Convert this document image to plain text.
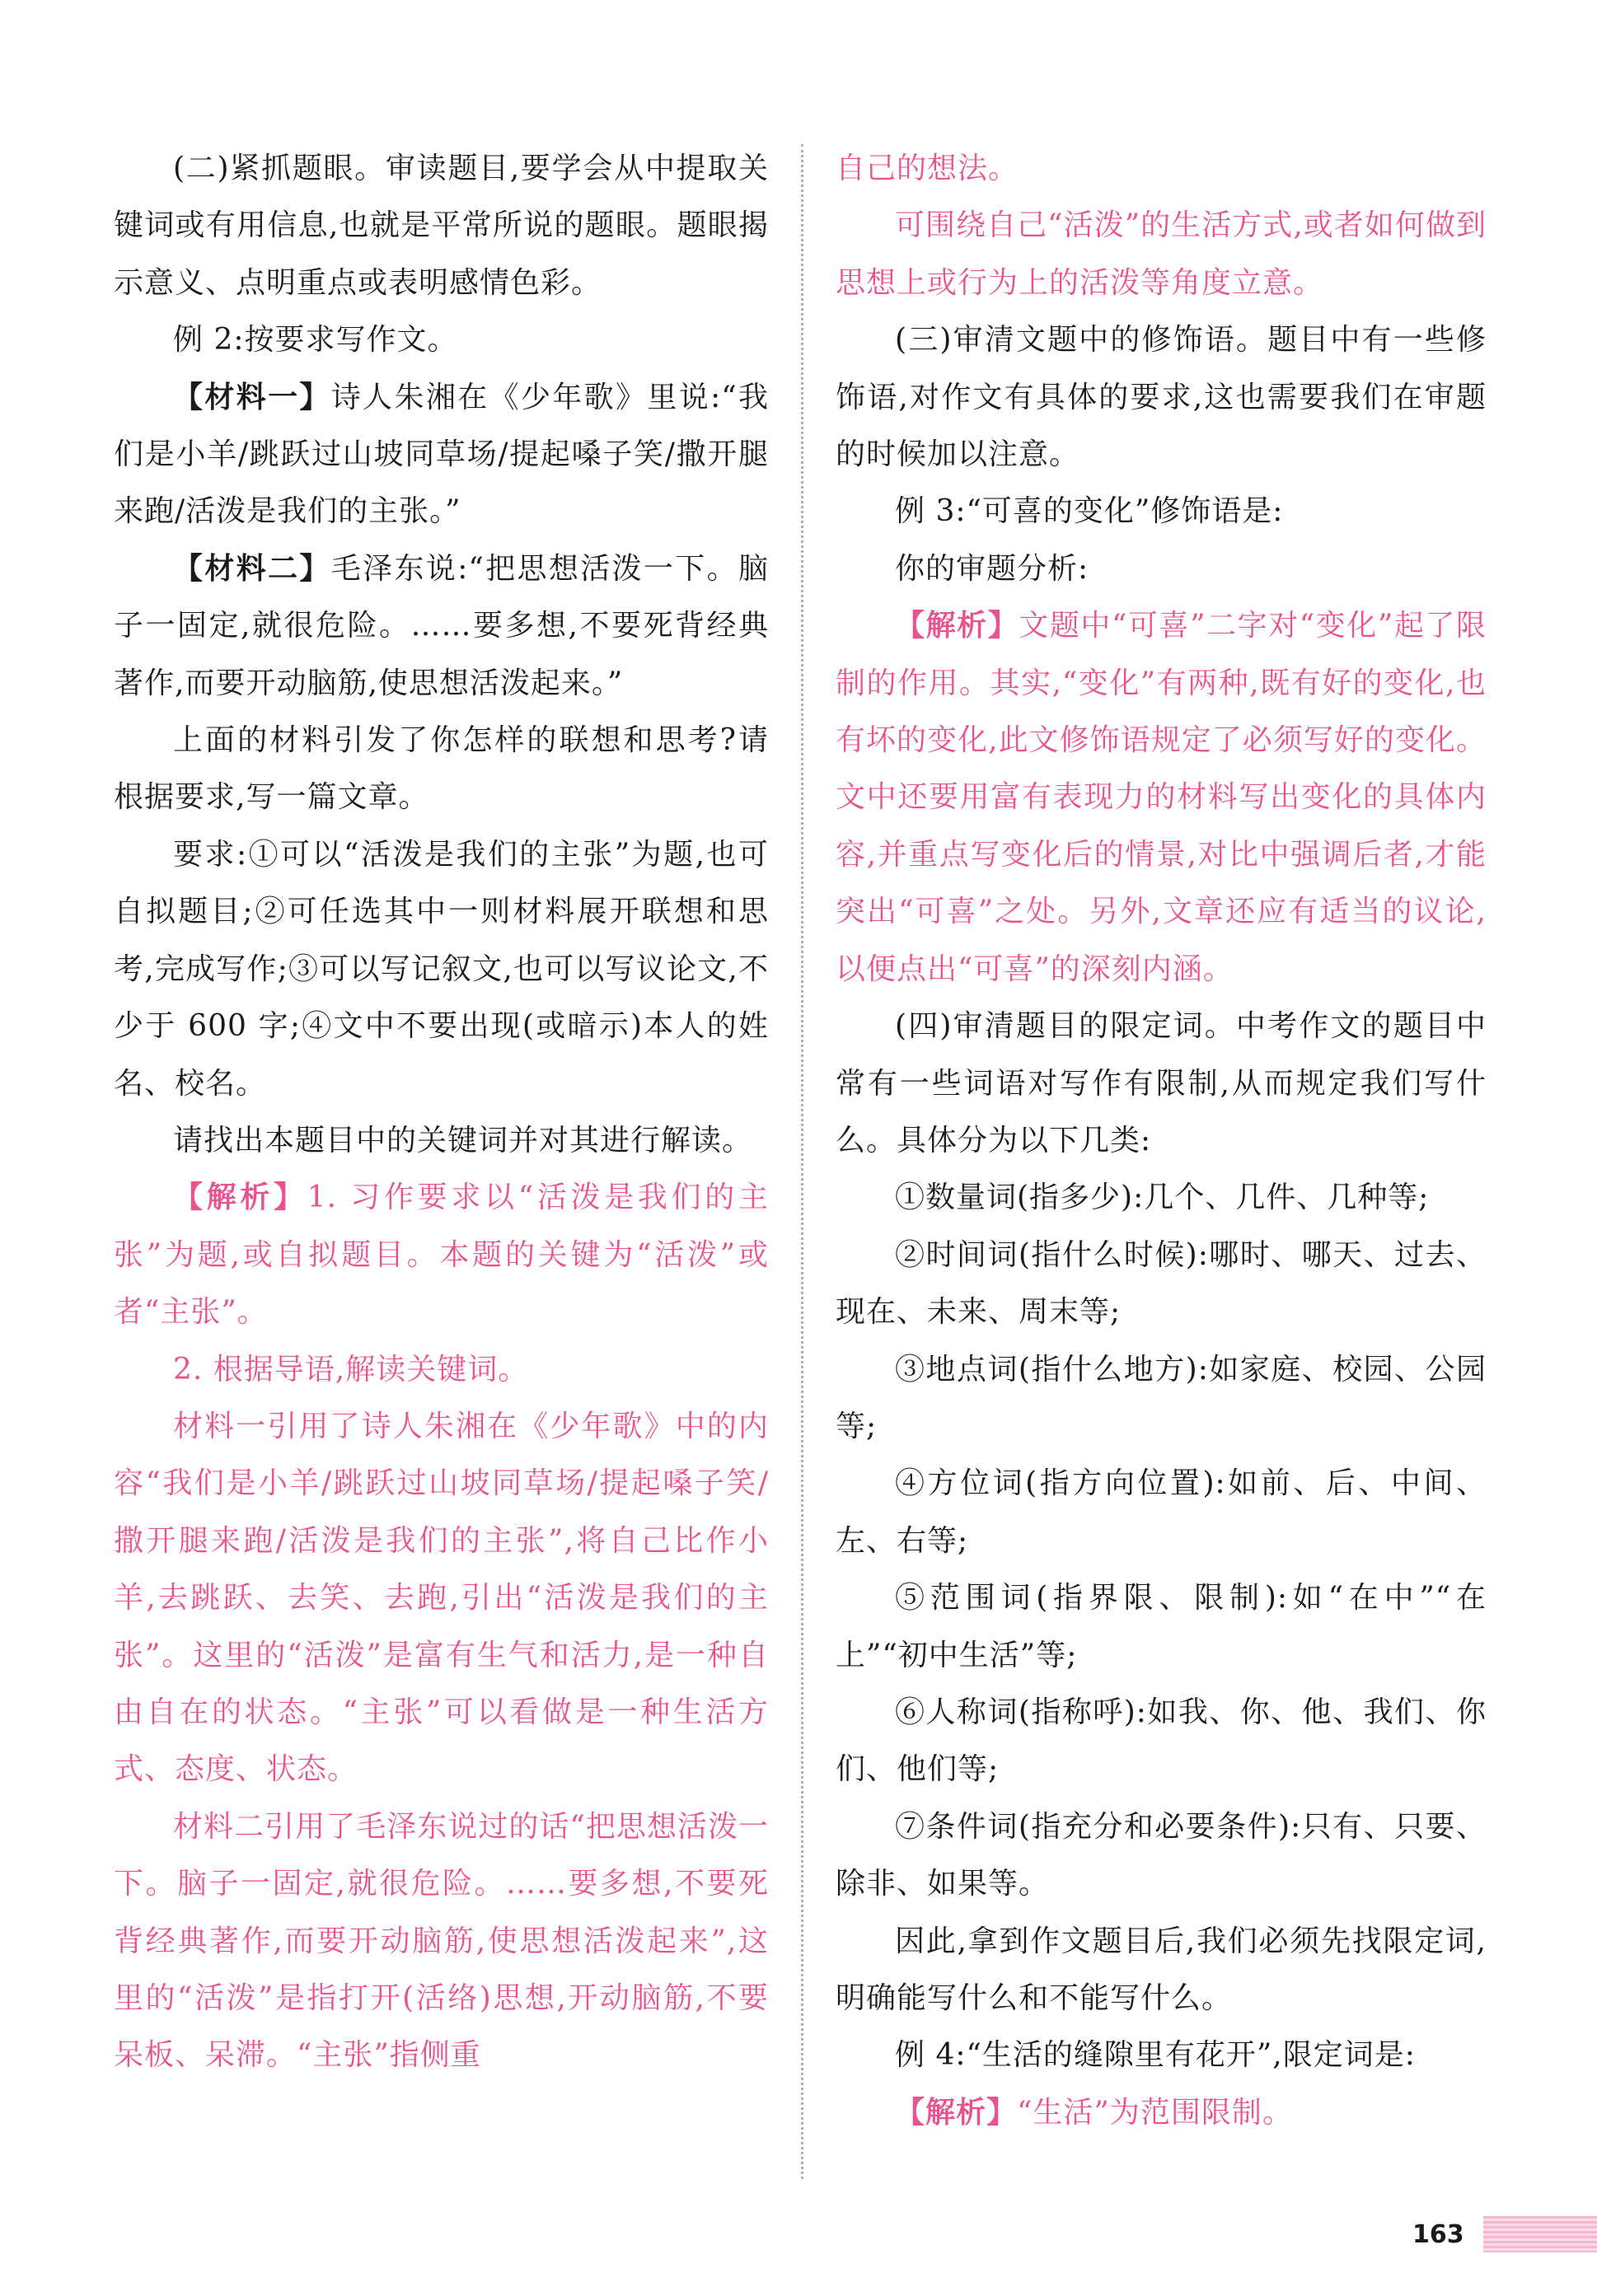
(二)紧抓题眼。审读题目,要学会从中提取关键词或有用信息,也就是平常所说的题眼。题眼揭示意义、点明重点或表明感情色彩。

例 2:按要求写作文。

【材料一】诗人朱湘在《少年歌》里说:“我们是小羊/跳跃过山坡同草场/提起嗓子笑/撒开腿来跑/活泼是我们的主张。”

【材料二】毛泽东说:“把思想活泼一下。脑子一固定,就很危险。……要多想,不要死背经典著作,而要开动脑筋,使思想活泼起来。”

上面的材料引发了你怎样的联想和思考?请根据要求,写一篇文章。

要求:①可以“活泼是我们的主张”为题,也可自拟题目;②可任选其中一则材料展开联想和思考,完成写作;③可以写记叙文,也可以写议论文,不少于 600 字;④文中不要出现(或暗示)本人的姓名、校名。

请找出本题目中的关键词并对其进行解读。

【解析】1. 习作要求以“活泼是我们的主张”为题,或自拟题目。本题的关键为“活泼”或者“主张”。

2. 根据导语,解读关键词。

材料一引用了诗人朱湘在《少年歌》中的内容“我们是小羊/跳跃过山坡同草场/提起嗓子笑/撒开腿来跑/活泼是我们的主张”,将自己比作小羊,去跳跃、去笑、去跑,引出“活泼是我们的主张”。这里的“活泼”是富有生气和活力,是一种自由自在的状态。“主张”可以看做是一种生活方式、态度、状态。

材料二引用了毛泽东说过的话“把思想活泼一下。脑子一固定,就很危险。……要多想,不要死背经典著作,而要开动脑筋,使思想活泼起来”,这里的“活泼”是指打开(活络)思想,开动脑筋,不要呆板、呆滞。“主张”指侧重

自己的想法。

可围绕自己“活泼”的生活方式,或者如何做到思想上或行为上的活泼等角度立意。

(三)审清文题中的修饰语。题目中有一些修饰语,对作文有具体的要求,这也需要我们在审题的时候加以注意。

例 3:“可喜的变化”修饰语是:

你的审题分析:

【解析】文题中“可喜”二字对“变化”起了限制的作用。其实,“变化”有两种,既有好的变化,也有坏的变化,此文修饰语规定了必须写好的变化。文中还要用富有表现力的材料写出变化的具体内容,并重点写变化后的情景,对比中强调后者,才能突出“可喜”之处。另外,文章还应有适当的议论,以便点出“可喜”的深刻内涵。

(四)审清题目的限定词。中考作文的题目中常有一些词语对写作有限制,从而规定我们写什么。具体分为以下几类:

①数量词(指多少):几个、几件、几种等;

②时间词(指什么时候):哪时、哪天、过去、现在、未来、周末等;

③地点词(指什么地方):如家庭、校园、公园等;

④方位词(指方向位置):如前、后、中间、左、右等;

⑤范围词(指界限、限制):如“在中”“在上”“初中生活”等;

⑥人称词(指称呼):如我、你、他、我们、你们、他们等;

⑦条件词(指充分和必要条件):只有、只要、除非、如果等。

因此,拿到作文题目后,我们必须先找限定词,明确能写什么和不能写什么。

例 4:“生活的缝隙里有花开”,限定词是:

【解析】“生活”为范围限制。

163
